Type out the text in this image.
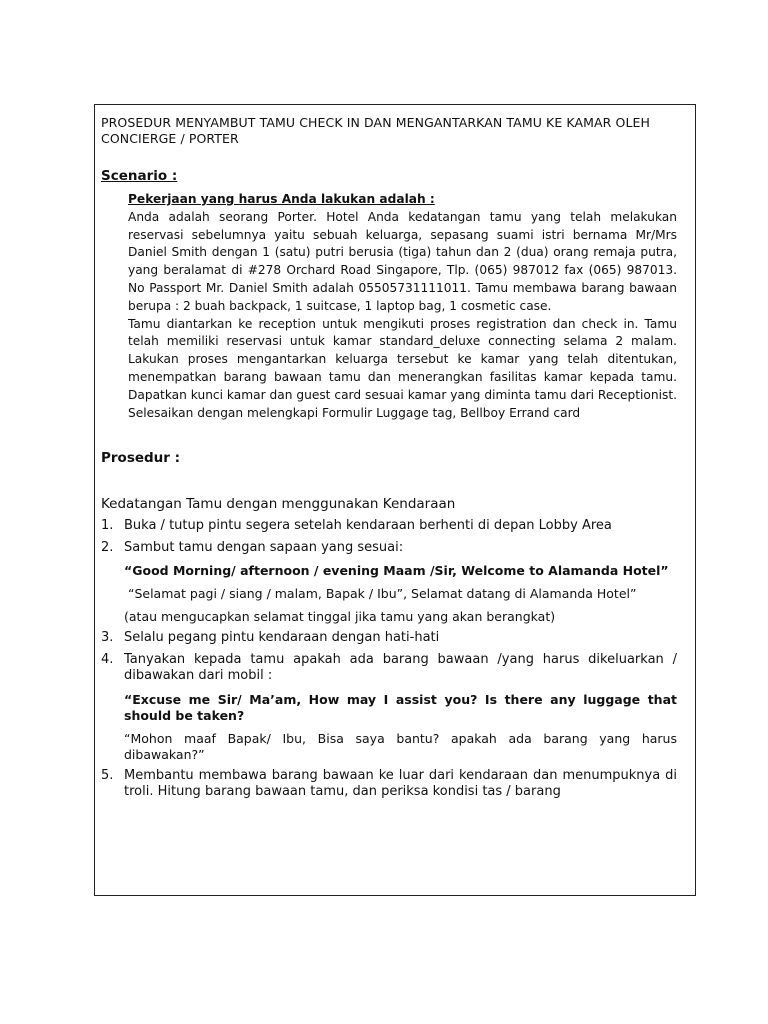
PROSEDUR MENYAMBUT TAMU CHECK IN DAN MENGANTARKAN TAMU KE KAMAR OLEH CONCIERGE / PORTER

Scenario :
Pekerjaan yang harus Anda lakukan adalah :

Anda adalah seorang Porter. Hotel Anda kedatangan tamu yang telah melakukan reservasi sebelumnya yaitu sebuah keluarga, sepasang suami istri bernama Mr/Mrs Daniel Smith dengan 1 (satu) putri berusia (tiga) tahun dan 2 (dua) orang remaja putra, yang beralamat di #278 Orchard Road Singapore, Tlp. (065) 987012 fax (065) 987013. No Passport Mr. Daniel Smith adalah 05505731111011. Tamu membawa barang bawaan berupa : 2 buah backpack, 1 suitcase, 1 laptop bag, 1 cosmetic case.

Tamu diantarkan ke reception untuk mengikuti proses registration dan check in. Tamu telah memiliki reservasi untuk kamar standard_deluxe connecting selama 2 malam. Lakukan proses mengantarkan keluarga tersebut ke kamar yang telah ditentukan, menempatkan barang bawaan tamu dan menerangkan fasilitas kamar kepada tamu. Dapatkan kunci kamar dan guest card sesuai kamar yang diminta tamu dari Receptionist. Selesaikan dengan melengkapi Formulir Luggage tag, Bellboy Errand card

Prosedur :
Kedatangan Tamu dengan menggunakan Kendaraan
1. Buka / tutup pintu segera setelah kendaraan berhenti di depan Lobby Area
2. Sambut tamu dengan sapaan yang sesuai:
“Good Morning/ afternoon / evening Maam /Sir, Welcome to Alamanda Hotel”
“Selamat pagi / siang / malam, Bapak / Ibu”, Selamat datang di Alamanda Hotel”
(atau mengucapkan selamat tinggal jika tamu yang akan berangkat)
3. Selalu pegang pintu kendaraan dengan hati-hati
4. Tanyakan kepada tamu apakah ada barang bawaan /yang harus dikeluarkan / dibawakan dari mobil :
“Excuse me Sir/ Ma’am, How may I assist you? Is there any luggage that should be taken?
“Mohon maaf Bapak/ Ibu, Bisa saya bantu? apakah ada barang yang harus dibawakan?”
5. Membantu membawa barang bawaan ke luar dari kendaraan dan menumpuknya di troli. Hitung barang bawaan tamu, dan periksa kondisi tas / barang
